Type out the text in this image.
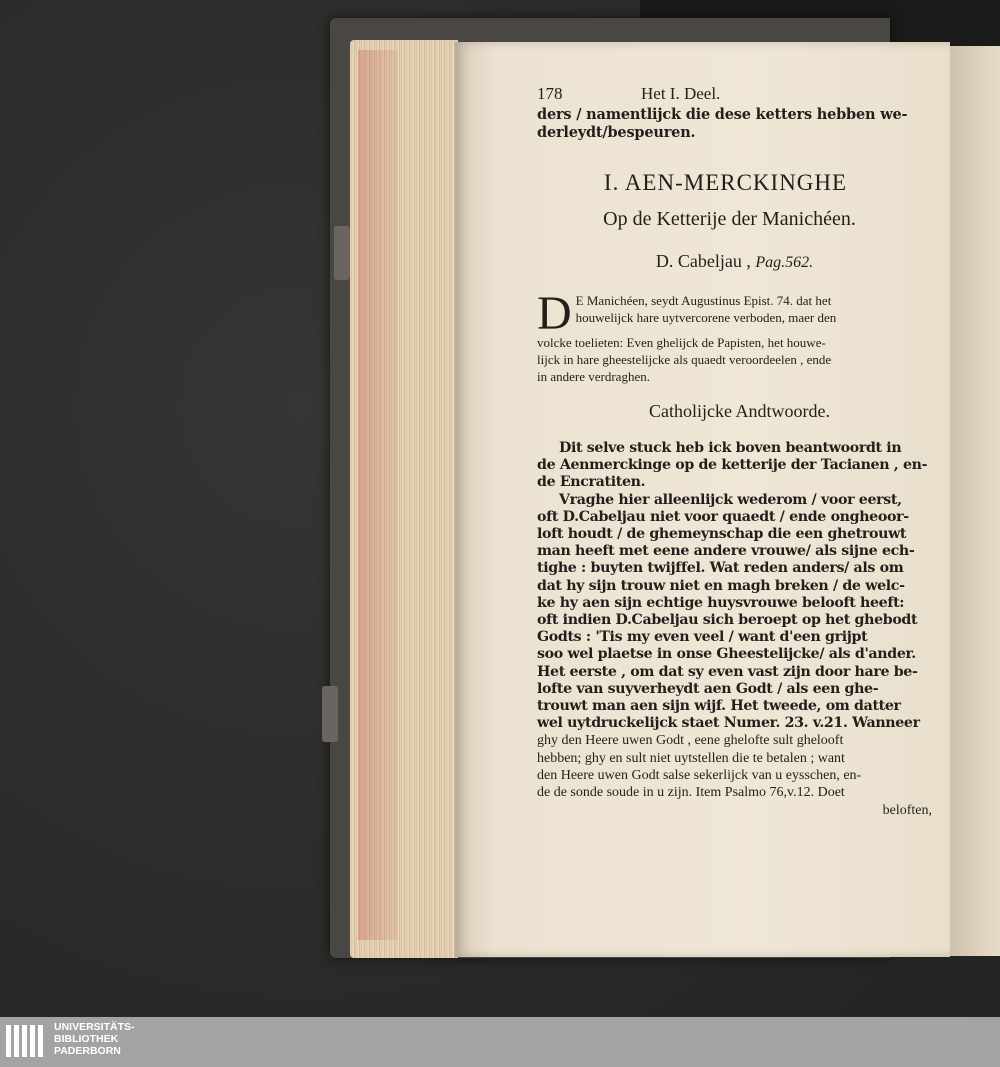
178	Het I. Deel.
ders / namentlijck die dese ketters hebben we-
derleydt/bespeuren.
I. AEN-MERCKINGHE
Op de Ketterije der Manichéen.
D. Cabeljau , Pag.562.
D E Manichéen, seydt Augustinus Epist. 74. dat het
houwelijck hare uytvercorene verboden, maer den
volcke toelieten: Even ghelijck de Papisten, het houwe-
lijck in hare gheestelijcke als quaedt veroordeelen , ende
in andere verdraghen.
Catholijcke Andtwoorde.
Dit selve stuck heb ick boven beantwoordt in
de Aenmerckinge op de ketterije der Tacianen , en-
de Encratiten.
Vraghe hier alleenlijck wederom / voor eerst,
oft D.Cabeljau niet voor quaedt / ende ongheoor-
loft houdt / de ghemeynschap die een ghetrouwt
man heeft met eene andere vrouwe/ als sijne ech-
tighe : buyten twijffel. Wat reden anders/ als om
dat hy sijn trouw niet en magh breken / de welc-
ke hy aen sijn echtige huysvrouwe belooft heeft:
oft indien D.Cabeljau sich beroept op het ghebodt
Godts : 'Tis my even veel / want d'een grijpt
soo wel plaetse in onse Gheestelijcke/ als d'ander.
Het eerste , om dat sy even vast zijn door hare be-
lofte van suyverheydt aen Godt / als een ghe-
trouwt man aen sijn wijf. Het tweede, om datter
wel uytdruckelijck staet Numer. 23. v.21. Wanneer
ghy den Heere uwen Godt , eene ghelofte sult ghelooft
hebben; ghy en sult niet uytstellen die te betalen ; want
den Heere uwen Godt salse sekerlijck van u eysschen, en-
de de sonde soude in u zijn. Item Psalmo 76,v.12. Doet
beloften,
UNIVERSITÄTS-
BIBLIOTHEK
PADERBORN
